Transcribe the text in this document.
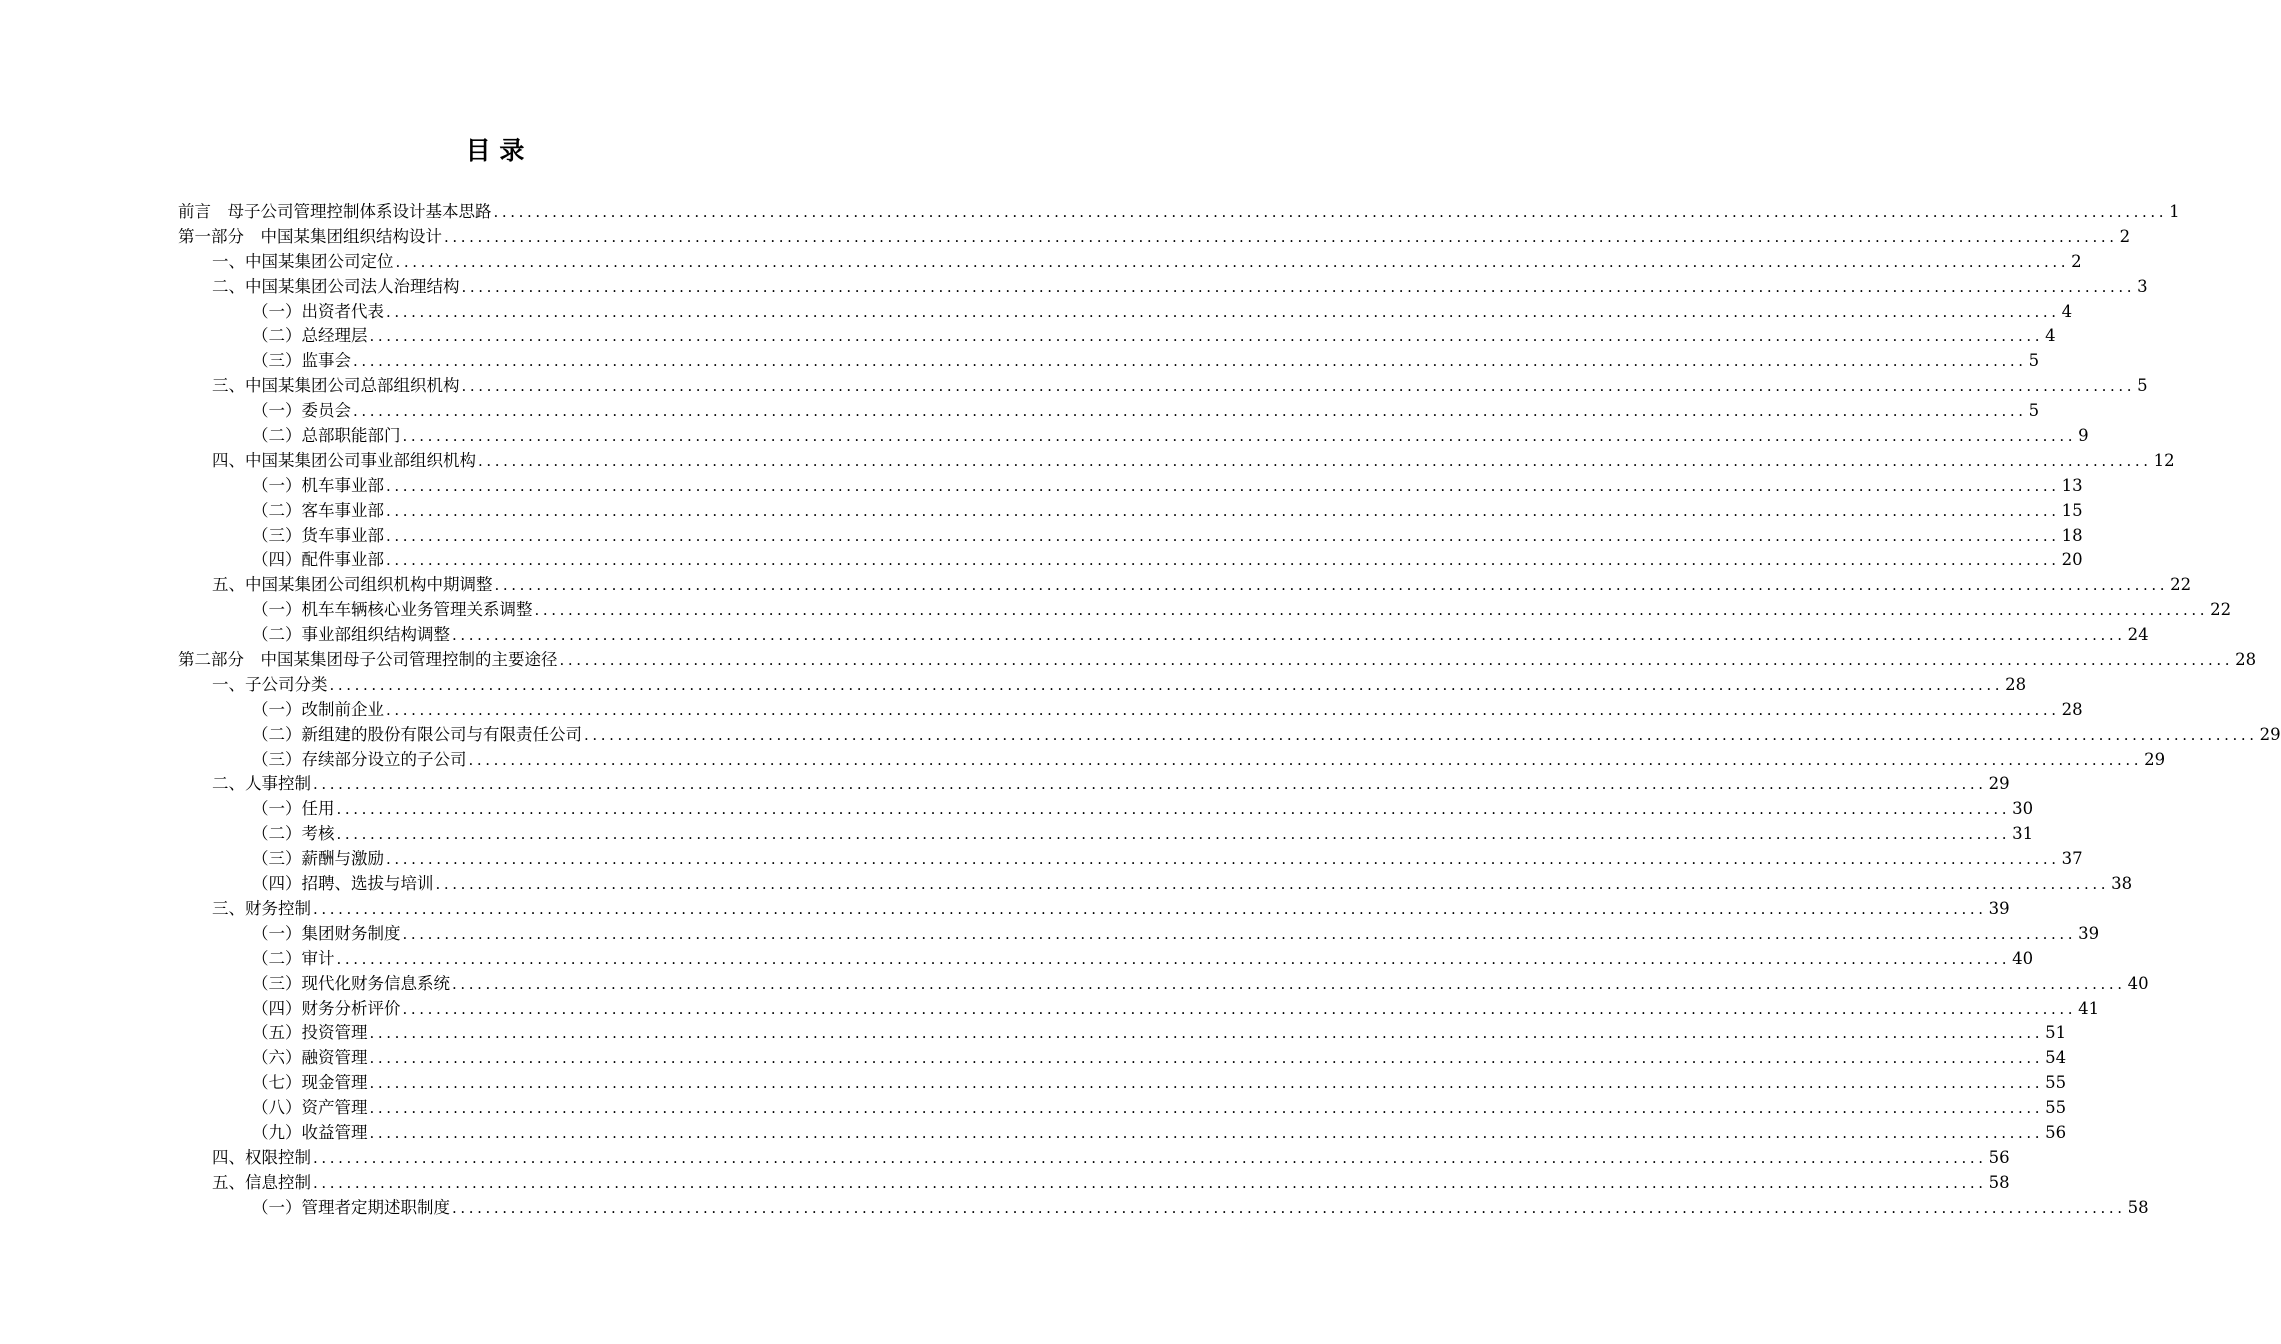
目 录
前言　母子公司管理控制体系设计基本思路 ........................................................................................................................................................................................................ 1
第一部分　中国某集团组织结构设计 ........................................................................................................................................................................................................ 2
一、中国某集团公司定位 ........................................................................................................................................................................................................ 2
二、中国某集团公司法人治理结构 ........................................................................................................................................................................................................ 3
（一）出资者代表 ........................................................................................................................................................................................................ 4
（二）总经理层 ........................................................................................................................................................................................................ 4
（三）监事会 ........................................................................................................................................................................................................ 5
三、中国某集团公司总部组织机构 ........................................................................................................................................................................................................ 5
（一）委员会 ........................................................................................................................................................................................................ 5
（二）总部职能部门 ........................................................................................................................................................................................................ 9
四、中国某集团公司事业部组织机构 ........................................................................................................................................................................................................ 12
（一）机车事业部 ........................................................................................................................................................................................................ 13
（二）客车事业部 ........................................................................................................................................................................................................ 15
（三）货车事业部 ........................................................................................................................................................................................................ 18
（四）配件事业部 ........................................................................................................................................................................................................ 20
五、中国某集团公司组织机构中期调整 ........................................................................................................................................................................................................ 22
（一）机车车辆核心业务管理关系调整 ........................................................................................................................................................................................................ 22
（二）事业部组织结构调整 ........................................................................................................................................................................................................ 24
第二部分　中国某集团母子公司管理控制的主要途径 ........................................................................................................................................................................................................ 28
一、子公司分类 ........................................................................................................................................................................................................ 28
（一）改制前企业 ........................................................................................................................................................................................................ 28
（二）新组建的股份有限公司与有限责任公司 ........................................................................................................................................................................................................ 29
（三）存续部分设立的子公司 ........................................................................................................................................................................................................ 29
二、人事控制 ........................................................................................................................................................................................................ 29
（一）任用 ........................................................................................................................................................................................................ 30
（二）考核 ........................................................................................................................................................................................................ 31
（三）薪酬与激励 ........................................................................................................................................................................................................ 37
（四）招聘、选拔与培训 ........................................................................................................................................................................................................ 38
三、财务控制 ........................................................................................................................................................................................................ 39
（一）集团财务制度 ........................................................................................................................................................................................................ 39
（二）审计 ........................................................................................................................................................................................................ 40
（三）现代化财务信息系统 ........................................................................................................................................................................................................ 40
（四）财务分析评价 ........................................................................................................................................................................................................ 41
（五）投资管理 ........................................................................................................................................................................................................ 51
（六）融资管理 ........................................................................................................................................................................................................ 54
（七）现金管理 ........................................................................................................................................................................................................ 55
（八）资产管理 ........................................................................................................................................................................................................ 55
（九）收益管理 ........................................................................................................................................................................................................ 56
四、权限控制 ........................................................................................................................................................................................................ 56
五、信息控制 ........................................................................................................................................................................................................ 58
（一）管理者定期述职制度 ........................................................................................................................................................................................................ 58
